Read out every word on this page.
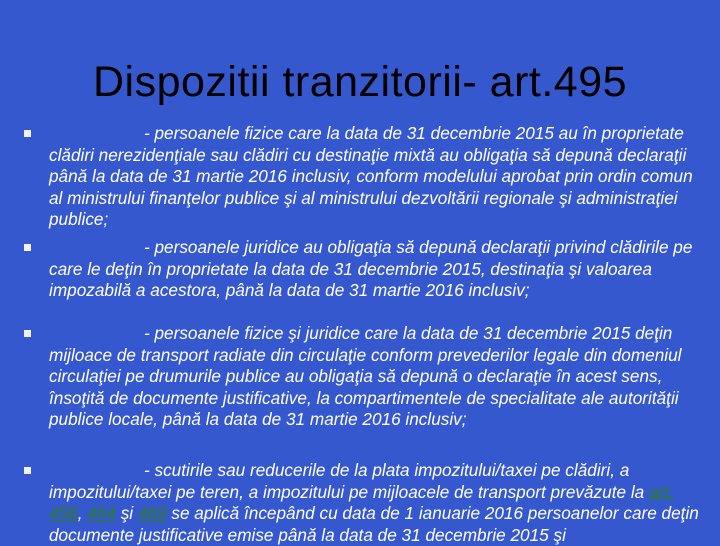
Dispozitii tranzitorii- art.495
- persoanele fizice care la data de 31 decembrie 2015 au în proprietate clădiri nerezidenţiale sau clădiri cu destinaţie mixtă au obligaţia să depună declaraţii până la data de 31 martie 2016 inclusiv, conform modelului aprobat prin ordin comun al ministrului finanţelor publice şi al ministrului dezvoltării regionale şi administraţiei publice;
- persoanele juridice au obligaţia să depună declaraţii privind clădirile pe care le deţin în proprietate la data de 31 decembrie 2015, destinaţia şi valoarea impozabilă a acestora, până la data de 31 martie 2016 inclusiv;
- persoanele fizice şi juridice care la data de 31 decembrie 2015 deţin mijloace de transport radiate din circulaţie conform prevederilor legale din domeniul circulaţiei pe drumurile publice au obligaţia să depună o declaraţie în acest sens, însoţită de documente justificative, la compartimentele de specialitate ale autorităţii publice locale, până la data de 31 martie 2016 inclusiv;
- scutirile sau reducerile de la plata impozitului/taxei pe clădiri, a impozitului/taxei pe teren, a impozitului pe mijloacele de transport prevăzute la art. 456, 464 şi 469 se aplică începând cu data de 1 ianuarie 2016 persoanelor care deţin documente justificative emise până la data de 31 decembrie 2015 şi
